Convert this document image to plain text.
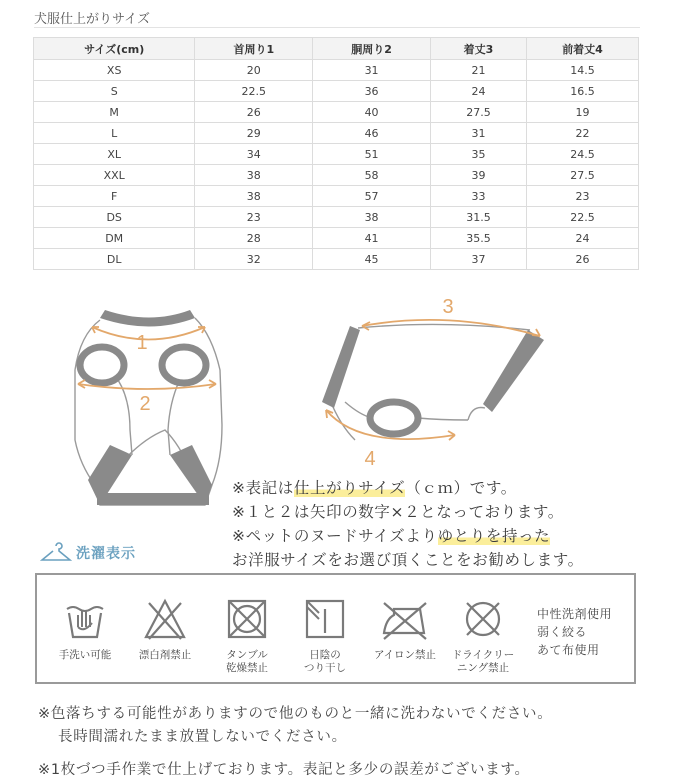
犬服仕上がりサイズ
サイズ(cm)	首周り1	胴周り2	着丈3	前着丈4
XS	20	31	21	14.5
S	22.5	36	24	16.5
M	26	40	27.5	19
L	29	46	31	22
XL	34	51	35	24.5
XXL	38	58	39	27.5
F	38	57	33	23
DS	23	38	31.5	22.5
DM	28	41	35.5	24
DL	32	45	37	26
1
2
3
4
※表記は仕上がりサイズ（ｃｍ）です。
※１と２は矢印の数字×２となっております。
※ペットのヌードサイズよりゆとりを持った
お洋服サイズをお選び頂くことをお勧めします。
洗濯表示
手洗い可能	漂白剤禁止	タンブル
乾燥禁止
日陰の
つり干し
アイロン禁止	ドライクリー
ニング禁止
中性洗剤使用
弱く絞る
あて布使用
※色落ちする可能性がありますので他のものと一緒に洗わないでください。
長時間濡れたまま放置しないでください。
※1枚づつ手作業で仕上げております。表記と多少の誤差がございます。
